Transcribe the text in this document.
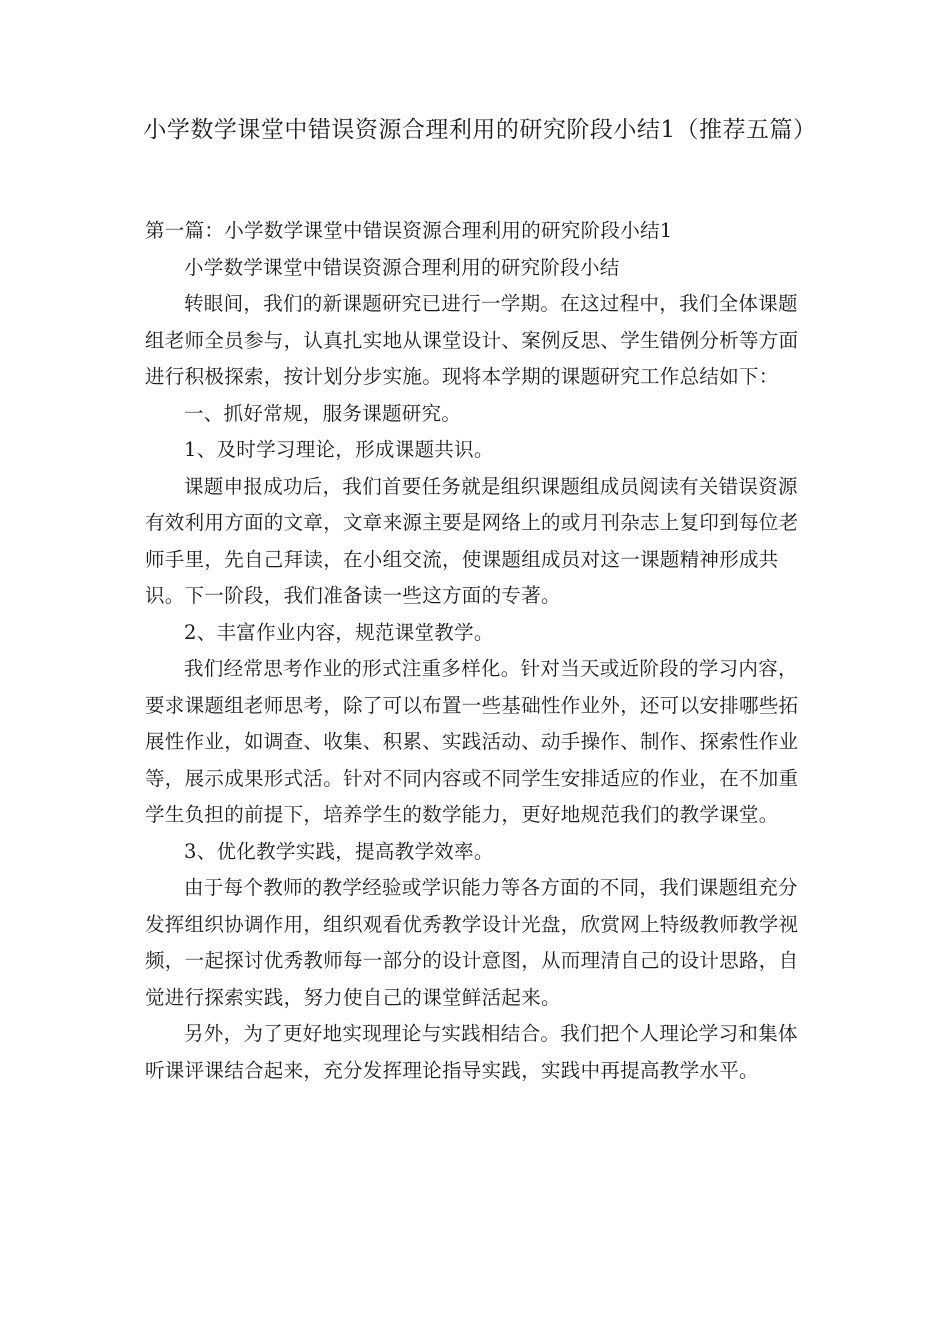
小学数学课堂中错误资源合理利用的研究阶段小结1（推荐五篇）

第一篇：小学数学课堂中错误资源合理利用的研究阶段小结1

小学数学课堂中错误资源合理利用的研究阶段小结

转眼间，我们的新课题研究已进行一学期。在这过程中，我们全体课题组老师全员参与，认真扎实地从课堂设计、案例反思、学生错例分析等方面进行积极探索，按计划分步实施。现将本学期的课题研究工作总结如下：

一、抓好常规，服务课题研究。

1、及时学习理论，形成课题共识。

课题申报成功后，我们首要任务就是组织课题组成员阅读有关错误资源有效利用方面的文章，文章来源主要是网络上的或月刊杂志上复印到每位老师手里，先自己拜读，在小组交流，使课题组成员对这一课题精神形成共识。下一阶段，我们准备读一些这方面的专著。

2、丰富作业内容，规范课堂教学。

我们经常思考作业的形式注重多样化。针对当天或近阶段的学习内容，要求课题组老师思考，除了可以布置一些基础性作业外，还可以安排哪些拓展性作业，如调查、收集、积累、实践活动、动手操作、制作、探索性作业等，展示成果形式活。针对不同内容或不同学生安排适应的作业，在不加重学生负担的前提下，培养学生的数学能力，更好地规范我们的教学课堂。

3、优化教学实践，提高教学效率。

由于每个教师的教学经验或学识能力等各方面的不同，我们课题组充分发挥组织协调作用，组织观看优秀教学设计光盘，欣赏网上特级教师教学视频，一起探讨优秀教师每一部分的设计意图，从而理清自己的设计思路，自觉进行探索实践，努力使自己的课堂鲜活起来。

另外，为了更好地实现理论与实践相结合。我们把个人理论学习和集体听课评课结合起来，充分发挥理论指导实践，实践中再提高教学水平。
